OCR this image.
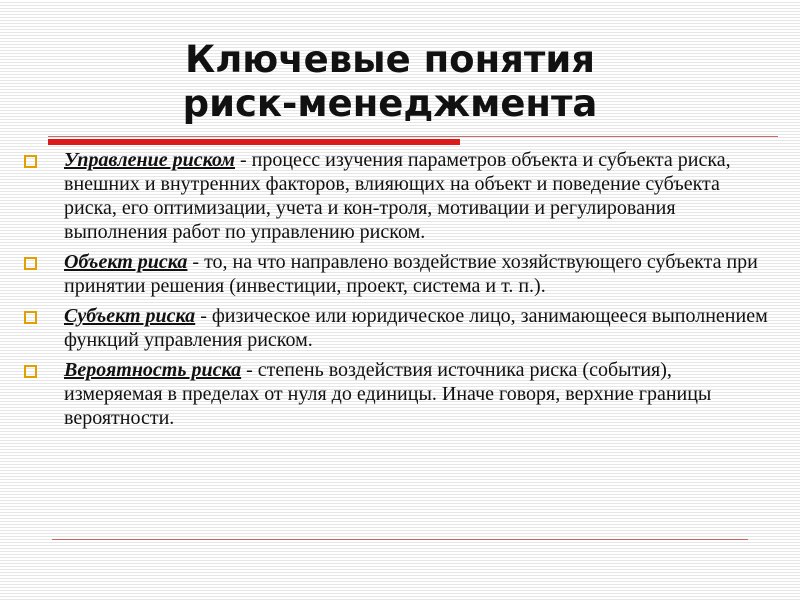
Ключевые понятия
риск-менеджмента
Управление риском - процесс изучения параметров объекта и субъекта риска, внешних и внутренних факторов, влияющих на объект и поведение субъекта риска, его оптимизации, учета и кон-троля, мотивации и регулирования выполнения работ по управлению риском.
Объект риска - то, на что направлено воздействие хозяйствующего субъекта при принятии решения (инвестиции, проект, система и т. п.).
Субъект риска - физическое или юридическое лицо, занимающееся выполнением функций управления риском.
Вероятность риска - степень воздействия источника риска (события), измеряемая в пределах от нуля до единицы. Иначе говоря, верхние границы вероятности.
